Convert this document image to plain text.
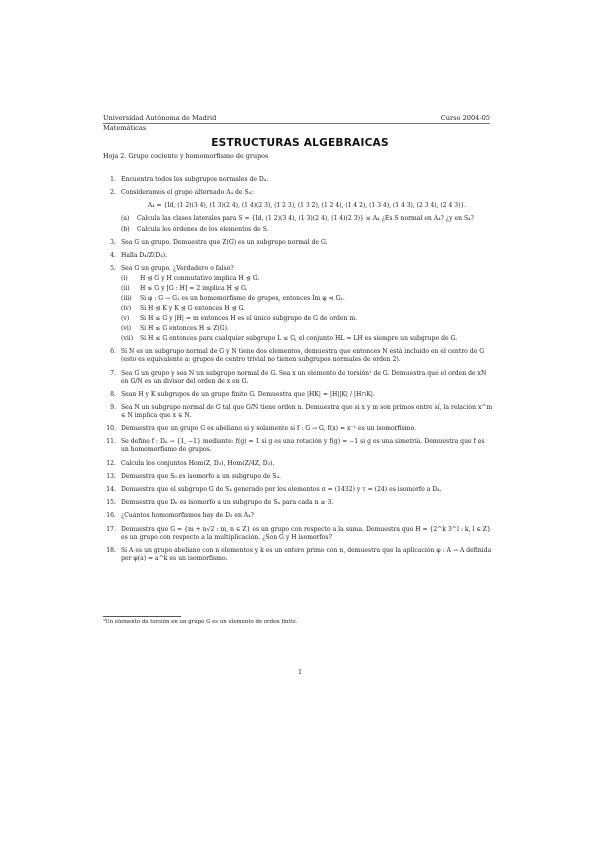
Universidad Autónoma de Madrid	Curso 2004-05
Matemáticas
ESTRUCTURAS ALGEBRAICAS
Hoja 2. Grupo cociente y homomorfismo de grupos
1. Encuentra todos los subgrupos normales de D₄.
2. Consideramos el grupo alternado A₄ de S₄:
A₄ = {Id, (1 2)(3 4), (1 3)(2 4), (1 4)(2 3), (1 2 3), (1 3 2), (1 2 4), (1 4 2), (1 3 4), (1 4 3), (2 3 4), (2 4 3)}.
(a) Calcula las clases laterales para S = {Id, (1 2)(3 4), (1 3)(2 4), (1 4)(2 3)} ≤ A₄ ¿Es S normal en A₄? ¿y en S₄?
(b) Calcula los órdenes de los elementos de S.
3. Sea G un grupo. Demuestra que Z(G) es un subgrupo normal de G.
4. Halla D₄/Z(D₄).
5. Sea G un grupo. ¿Verdadero o falso?
(i) H ⊴ G y H conmutativo implica H ⊴ G.
(ii) H ≤ G y [G : H] = 2 implica H ⊴ G.
(iii) Si φ : G → G₁ es un homomorfismo de grupos, entonces Im φ ⊲ G₁.
(iv) Si H ⊴ K y K ⊴ G entonces H ⊴ G.
(v) Si H ≤ G y |H| = m entonces H es el único subgrupo de G de orden m.
(vi) Si H ≤ G entonces H ≤ Z(G).
(vii) Si H ≤ G entonces para cualquier subgrupo L ≤ G, el conjunto HL = LH es siempre un subgrupo de G.
6. Si N es un subgrupo normal de G y N tiene dos elementos, demuestra que entonces N está incluido en el centro de G (esto es equivalente a: grupos de centro trivial no tienen subgrupos normales de orden 2).
7. Sea G un grupo y sea N un subgrupo normal de G. Sea x un elemento de torsión¹ de G. Demuestra que el orden de xN en G/N es un divisor del orden de x en G.
8. Sean H y K subgrupos de un grupo finito G. Demuestra que |HK| = |H||K| / |H∩K|.
9. Sea N un subgrupo normal de G tal que G/N tiene orden n. Demuestra que si x y m son primos entre sí, la relación x^m ∈ N implica que x ∈ N.
10. Demuestra que un grupo G es abeliano si y solamente si f : G → G, f(x) = x⁻¹ es un isomorfismo.
11. Se define f : Dₙ → {1, −1} mediante: f(g) = 1 si g es una rotación y f(g) = −1 si g es una simetría. Demuestra que f es un homomorfismo de grupos.
12. Calcula los conjuntos Hom(Z, D₃), Hom(Z/4Z, D₃).
13. Demuestra que S₃ es isomorfo a un subgrupo de S₄.
14. Demuestra que el subgrupo G de S₄ generado por los elementos σ = (1432) y τ = (24) es isomorfo a D₄.
15. Demuestra que Dₙ es isomorfo a un subgrupo de Sₙ para cada n ≥ 3.
16. ¿Cuántos homomorfismos hay de D₃ en A₄?
17. Demuestra que G = {m + n√2 : m, n ∈ Z} es un grupo con respecto a la suma. Demuestra que H = {2^k 3^l : k, l ∈ Z} es un grupo con respecto a la multiplicación. ¿Son G y H isomorfos?
18. Si A es un grupo abeliano con n elementos y k es un entero primo con n, demuestra que la aplicación φ : A → A definida por φ(a) = a^k es un isomorfismo.
¹Un elemento de torsión en un grupo G es un elemento de orden finito.
1
